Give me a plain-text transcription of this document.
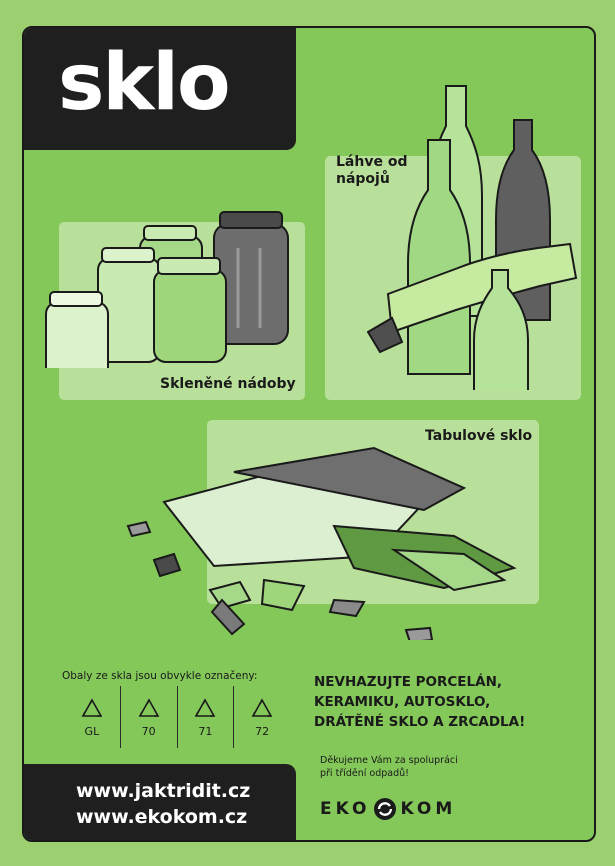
sklo
Skleněné nádoby
Láhve od
nápojů
Tabulové sklo
Obaly ze skla jsou obvykle označeny:
GL	70	71	72
NEVHAZUJTE PORCELÁN,
KERAMIKU, AUTOSKLO,
DRÁTĚNÉ SKLO A ZRCADLA!
Děkujeme Vám za spolupráci
při třídění odpadů!
www.jaktridit.cz
www.ekokom.cz	EKO KOM
